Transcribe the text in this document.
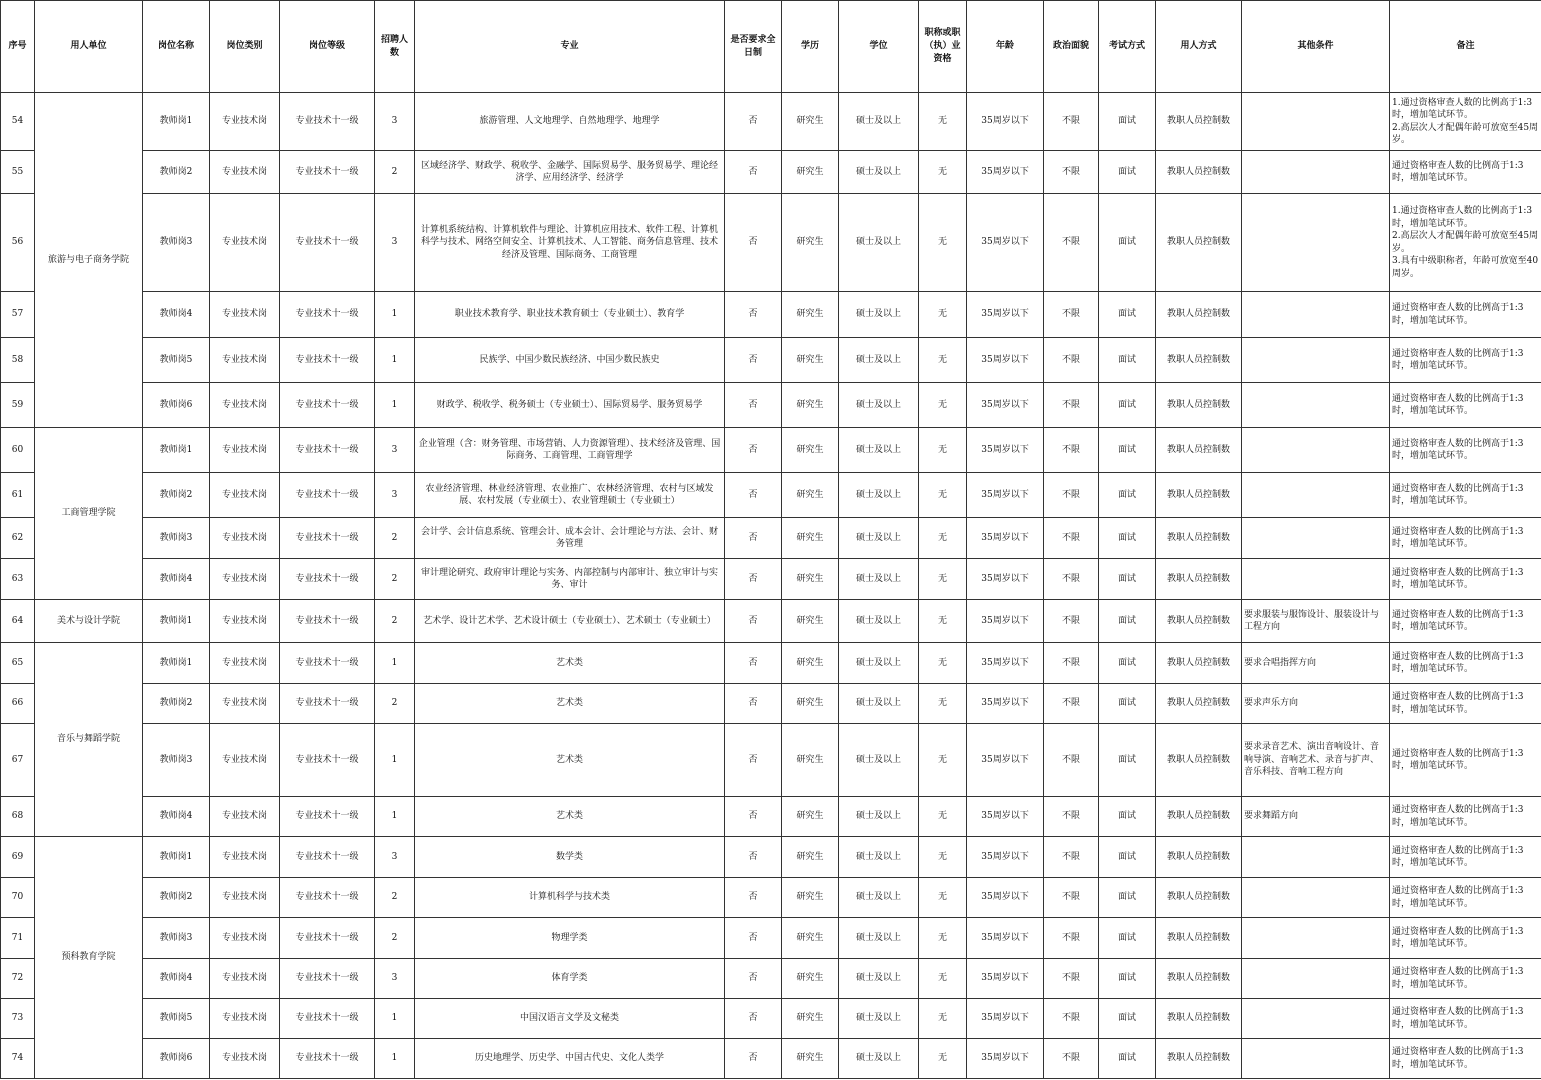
序号	用人单位	岗位名称	岗位类别	岗位等级	招聘人数	专业	是否要求全日制	学历	学位	职称或职（执）业资格	年龄	政治面貌	考试方式	用人方式	其他条件	备注
54	旅游与电子商务学院	教师岗1	专业技术岗	专业技术十一级	3	旅游管理、人文地理学、自然地理学、地理学	否	研究生	硕士及以上	无	35周岁以下	不限	面试	教职人员控制数		1.通过资格审查人数的比例高于1:3时，增加笔试环节。
2.高层次人才配偶年龄可放宽至45周岁。
55		教师岗2	专业技术岗	专业技术十一级	2	区域经济学、财政学、税收学、金融学、国际贸易学、服务贸易学、理论经济学、应用经济学、经济学	否	研究生	硕士及以上	无	35周岁以下	不限	面试	教职人员控制数		通过资格审查人数的比例高于1:3时，增加笔试环节。
56		教师岗3	专业技术岗	专业技术十一级	3	计算机系统结构、计算机软件与理论、计算机应用技术、软件工程、计算机科学与技术、网络空间安全、计算机技术、人工智能、商务信息管理、技术经济及管理、国际商务、工商管理	否	研究生	硕士及以上	无	35周岁以下	不限	面试	教职人员控制数		1.通过资格审查人数的比例高于1:3时，增加笔试环节。
2.高层次人才配偶年龄可放宽至45周岁。
3.具有中级职称者，年龄可放宽至40周岁。
57		教师岗4	专业技术岗	专业技术十一级	1	职业技术教育学、职业技术教育硕士（专业硕士）、教育学	否	研究生	硕士及以上	无	35周岁以下	不限	面试	教职人员控制数		通过资格审查人数的比例高于1:3时，增加笔试环节。
58		教师岗5	专业技术岗	专业技术十一级	1	民族学、中国少数民族经济、中国少数民族史	否	研究生	硕士及以上	无	35周岁以下	不限	面试	教职人员控制数		通过资格审查人数的比例高于1:3时，增加笔试环节。
59		教师岗6	专业技术岗	专业技术十一级	1	财政学、税收学、税务硕士（专业硕士）、国际贸易学、服务贸易学	否	研究生	硕士及以上	无	35周岁以下	不限	面试	教职人员控制数		通过资格审查人数的比例高于1:3时，增加笔试环节。
60	工商管理学院	教师岗1	专业技术岗	专业技术十一级	3	企业管理（含：财务管理、市场营销、人力资源管理）、技术经济及管理、国际商务、工商管理、工商管理学	否	研究生	硕士及以上	无	35周岁以下	不限	面试	教职人员控制数		通过资格审查人数的比例高于1:3时，增加笔试环节。
61		教师岗2	专业技术岗	专业技术十一级	3	农业经济管理、林业经济管理、农业推广、农林经济管理、农村与区域发展、农村发展（专业硕士）、农业管理硕士（专业硕士）	否	研究生	硕士及以上	无	35周岁以下	不限	面试	教职人员控制数		通过资格审查人数的比例高于1:3时，增加笔试环节。
62		教师岗3	专业技术岗	专业技术十一级	2	会计学、会计信息系统、管理会计、成本会计、会计理论与方法、会计、财务管理	否	研究生	硕士及以上	无	35周岁以下	不限	面试	教职人员控制数		通过资格审查人数的比例高于1:3时，增加笔试环节。
63		教师岗4	专业技术岗	专业技术十一级	2	审计理论研究、政府审计理论与实务、内部控制与内部审计、独立审计与实务、审计	否	研究生	硕士及以上	无	35周岁以下	不限	面试	教职人员控制数		通过资格审查人数的比例高于1:3时，增加笔试环节。
64	美术与设计学院	教师岗1	专业技术岗	专业技术十一级	2	艺术学、设计艺术学、艺术设计硕士（专业硕士）、艺术硕士（专业硕士）	否	研究生	硕士及以上	无	35周岁以下	不限	面试	教职人员控制数	要求服装与服饰设计、服装设计与工程方向	通过资格审查人数的比例高于1:3时，增加笔试环节。
65	音乐与舞蹈学院	教师岗1	专业技术岗	专业技术十一级	1	艺术类	否	研究生	硕士及以上	无	35周岁以下	不限	面试	教职人员控制数	要求合唱指挥方向	通过资格审查人数的比例高于1:3时，增加笔试环节。
66		教师岗2	专业技术岗	专业技术十一级	2	艺术类	否	研究生	硕士及以上	无	35周岁以下	不限	面试	教职人员控制数	要求声乐方向	通过资格审查人数的比例高于1:3时，增加笔试环节。
67		教师岗3	专业技术岗	专业技术十一级	1	艺术类	否	研究生	硕士及以上	无	35周岁以下	不限	面试	教职人员控制数	要求录音艺术、演出音响设计、音响导演、音响艺术、录音与扩声、音乐科技、音响工程方向	通过资格审查人数的比例高于1:3时，增加笔试环节。
68		教师岗4	专业技术岗	专业技术十一级	1	艺术类	否	研究生	硕士及以上	无	35周岁以下	不限	面试	教职人员控制数	要求舞蹈方向	通过资格审查人数的比例高于1:3时，增加笔试环节。
69	预科教育学院	教师岗1	专业技术岗	专业技术十一级	3	数学类	否	研究生	硕士及以上	无	35周岁以下	不限	面试	教职人员控制数		通过资格审查人数的比例高于1:3时，增加笔试环节。
70		教师岗2	专业技术岗	专业技术十一级	2	计算机科学与技术类	否	研究生	硕士及以上	无	35周岁以下	不限	面试	教职人员控制数		通过资格审查人数的比例高于1:3时，增加笔试环节。
71		教师岗3	专业技术岗	专业技术十一级	2	物理学类	否	研究生	硕士及以上	无	35周岁以下	不限	面试	教职人员控制数		通过资格审查人数的比例高于1:3时，增加笔试环节。
72		教师岗4	专业技术岗	专业技术十一级	3	体育学类	否	研究生	硕士及以上	无	35周岁以下	不限	面试	教职人员控制数		通过资格审查人数的比例高于1:3时，增加笔试环节。
73		教师岗5	专业技术岗	专业技术十一级	1	中国汉语言文学及文秘类	否	研究生	硕士及以上	无	35周岁以下	不限	面试	教职人员控制数		通过资格审查人数的比例高于1:3时，增加笔试环节。
74		教师岗6	专业技术岗	专业技术十一级	1	历史地理学、历史学、中国古代史、文化人类学	否	研究生	硕士及以上	无	35周岁以下	不限	面试	教职人员控制数		通过资格审查人数的比例高于1:3时，增加笔试环节。
